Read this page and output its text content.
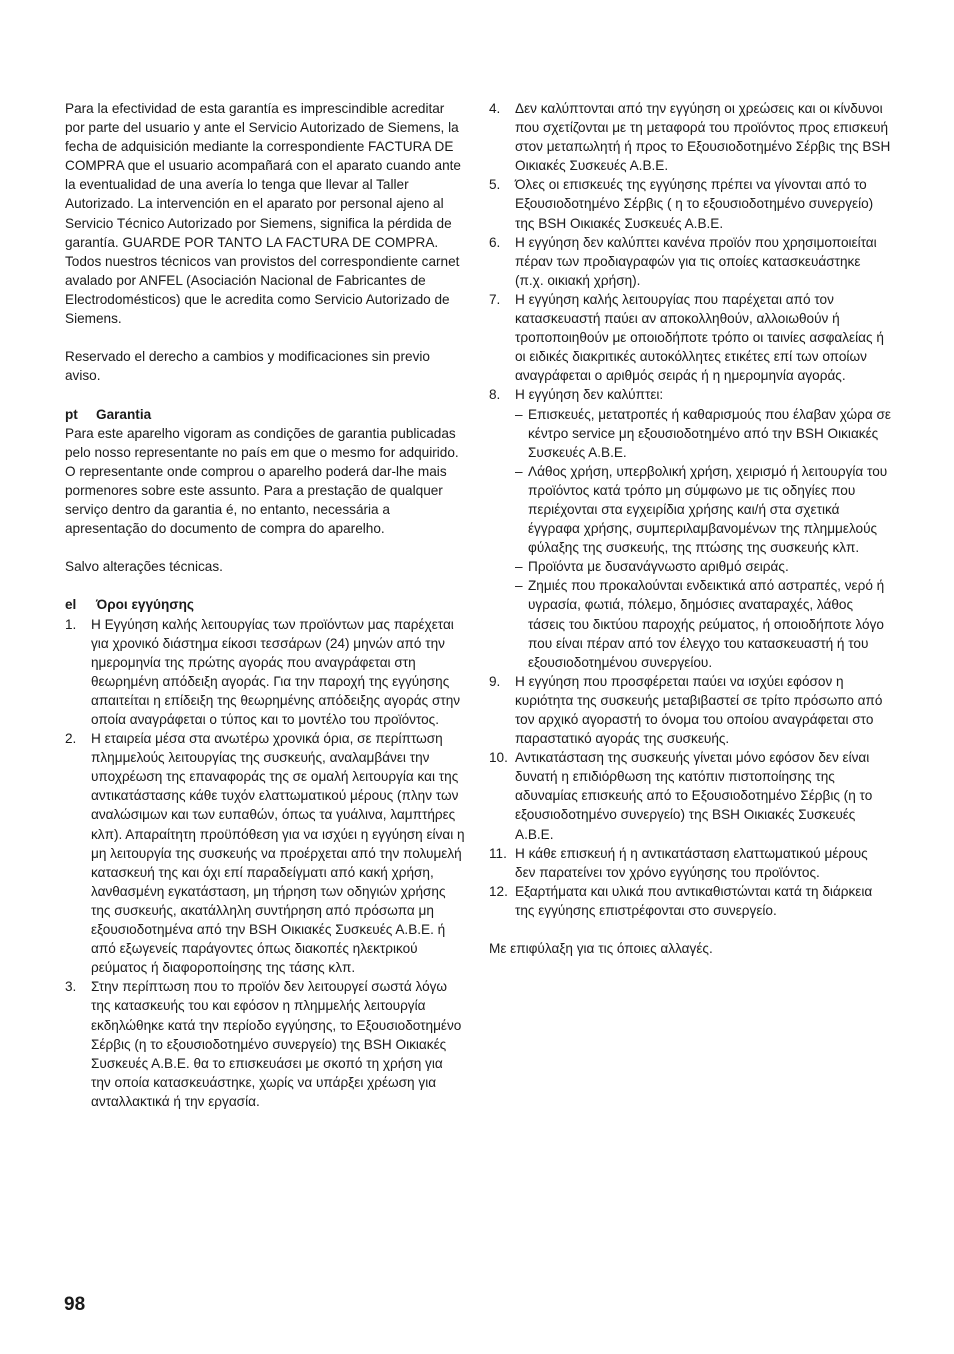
Para la efectividad de esta garantía es imprescindible acreditar por parte del usuario y ante el Servicio Autorizado de Siemens, la fecha de adquisición mediante la correspondiente FACTURA DE COMPRA que el usuario acompañará con el aparato cuando ante la eventualidad de una avería lo tenga que llevar al Taller Autorizado. La intervención en el aparato por personal ajeno al Servicio Técnico Autorizado por Siemens, significa la pérdida de garantía. GUARDE POR TANTO LA FACTURA DE COMPRA. Todos nuestros técnicos van provistos del correspondiente carnet avalado por ANFEL (Asociación Nacional de Fabricantes de Electrodomésticos) que le acredita como Servicio Autorizado de Siemens.

Reservado el derecho a cambios y modificaciones sin previo aviso.

pt Garantia

Para este aparelho vigoram as condições de garantia publicadas pelo nosso representante no país em que o mesmo for adquirido. O representante onde comprou o aparelho poderá dar-lhe mais pormenores sobre este assunto. Para a prestação de qualquer serviço dentro da garantia é, no entanto, necessária a apresentação do documento de compra do aparelho.

Salvo alterações técnicas.

el Όροι εγγύησης

1.	Η Εγγύηση καλής λειτουργίας των προϊόντων μας παρέχεται για χρονικό διάστημα είκοσι τεσσάρων (24) μηνών από την ημερομηνία της πρώτης αγοράς που αναγράφεται στη θεωρημένη απόδειξη αγοράς. Για την παροχή της εγγύησης απαιτείται η επίδειξη της θεωρημένης απόδειξης αγοράς στην οποία αναγράφεται ο τύπος και το μοντέλο του προϊόντος.
2.	Η εταιρεία μέσα στα ανωτέρω χρονικά όρια, σε περίπτωση πλημμελούς λειτουργίας της συσκευής, αναλαμβάνει την υποχρέωση της επαναφοράς της σε ομαλή λειτουργία και της αντικατάστασης κάθε τυχόν ελαττωματικού μέρους (πλην των αναλώσιμων και των ευπαθών, όπως τα γυάλινα, λαμπτήρες κλπ). Απαραίτητη προϋπόθεση για να ισχύει η εγγύηση είναι η μη λειτουργία της συσκευής να προέρχεται από την πολυμελή κατασκευή της και όχι επί παραδείγματι από κακή χρήση, λανθασμένη εγκατάσταση, μη τήρηση των οδηγιών χρήσης της συσκευής, ακατάλληλη συντήρηση από πρόσωπα μη εξουσιοδοτημένα από την BSH Οικιακές Συσκευές Α.Β.Ε. ή από εξωγενείς παράγοντες όπως διακοπές ηλεκτρικού ρεύματος ή διαφοροποίησης της τάσης κλπ.
3.	Στην περίπτωση που το προϊόν δεν λειτουργεί σωστά λόγω της κατασκευής του και εφόσον η πλημμελής λειτουργία εκδηλώθηκε κατά την περίοδο εγγύησης, το Εξουσιοδοτημένο Σέρβις (η το εξουσιοδοτημένο συνεργείο) της BSH Οικιακές Συσκευές Α.Β.Ε. θα το επισκευάσει με σκοπό τη χρήση για την οποία κατασκευάστηκε, χωρίς να υπάρξει χρέωση για ανταλλακτικά ή την εργασία.
4.	Δεν καλύπτονται από την εγγύηση οι χρεώσεις και οι κίνδυνοι που σχετίζονται με τη μεταφορά του προϊόντος προς επισκευή στον μεταπωλητή ή προς το Εξουσιοδοτημένο Σέρβις της BSH Οικιακές Συσκευές Α.Β.Ε.
5.	Όλες οι επισκευές της εγγύησης πρέπει να γίνονται από το Εξουσιοδοτημένο Σέρβις ( η το εξουσιοδοτημένο συνεργείο) της BSH Οικιακές Συσκευές Α.Β.Ε.
6.	Η εγγύηση δεν καλύπτει κανένα προϊόν που χρησιμοποιείται πέραν των προδιαγραφών για τις οποίες κατασκευάστηκε (π.χ. οικιακή χρήση).
7.	Η εγγύηση καλής λειτουργίας που παρέχεται από τον κατασκευαστή παύει αν αποκολληθούν, αλλοιωθούν ή τροποποιηθούν με οποιοδήποτε τρόπο οι ταινίες ασφαλείας ή οι ειδικές διακριτικές αυτοκόλλητες ετικέτες επί των οποίων αναγράφεται ο αριθμός σειράς ή η ημερομηνία αγοράς.
8.	Η εγγύηση δεν καλύπτει:
– Επισκευές, μετατροπές ή καθαρισμούς που έλαβαν χώρα σε κέντρο service μη εξουσιοδοτημένο από την BSH Οικιακές Συσκευές Α.Β.Ε.
– Λάθος χρήση, υπερβολική χρήση, χειρισμό ή λειτουργία του προϊόντος κατά τρόπο μη σύμφωνο με τις οδηγίες που περιέχονται στα εγχειρίδια χρήσης και/ή στα σχετικά έγγραφα χρήσης, συμπεριλαμβανομένων της πλημμελούς φύλαξης της συσκευής, της πτώσης της συσκευής κλπ.
– Προϊόντα με δυσανάγνωστο αριθμό σειράς.
– Ζημιές που προκαλούνται ενδεικτικά από αστραπές, νερό ή υγρασία, φωτιά, πόλεμο, δημόσιες αναταραχές, λάθος τάσεις του δικτύου παροχής ρεύματος, ή οποιοδήποτε λόγο που είναι πέραν από τον έλεγχο του κατασκευαστή ή του εξουσιοδοτημένου συνεργείου.
9.	Η εγγύηση που προσφέρεται παύει να ισχύει εφόσον η κυριότητα της συσκευής μεταβιβαστεί σε τρίτο πρόσωπο από τον αρχικό αγοραστή το όνομα του οποίου αναγράφεται στο παραστατικό αγοράς της συσκευής.
10. Αντικατάσταση της συσκευής γίνεται μόνο εφόσον δεν είναι δυνατή η επιδιόρθωση της κατόπιν πιστοποίησης της αδυναμίας επισκευής από το Εξουσιοδοτημένο Σέρβις (η το εξουσιοδοτημένο συνεργείο) της BSH Οικιακές Συσκευές Α.Β.Ε.
11. Η κάθε επισκευή ή η αντικατάσταση ελαττωματικού μέρους δεν παρατείνει τον χρόνο εγγύησης του προϊόντος.
12. Εξαρτήματα και υλικά που αντικαθιστώνται κατά τη διάρκεια της εγγύησης επιστρέφονται στο συνεργείο.

Με επιφύλαξη για τις όποιες αλλαγές.

98
